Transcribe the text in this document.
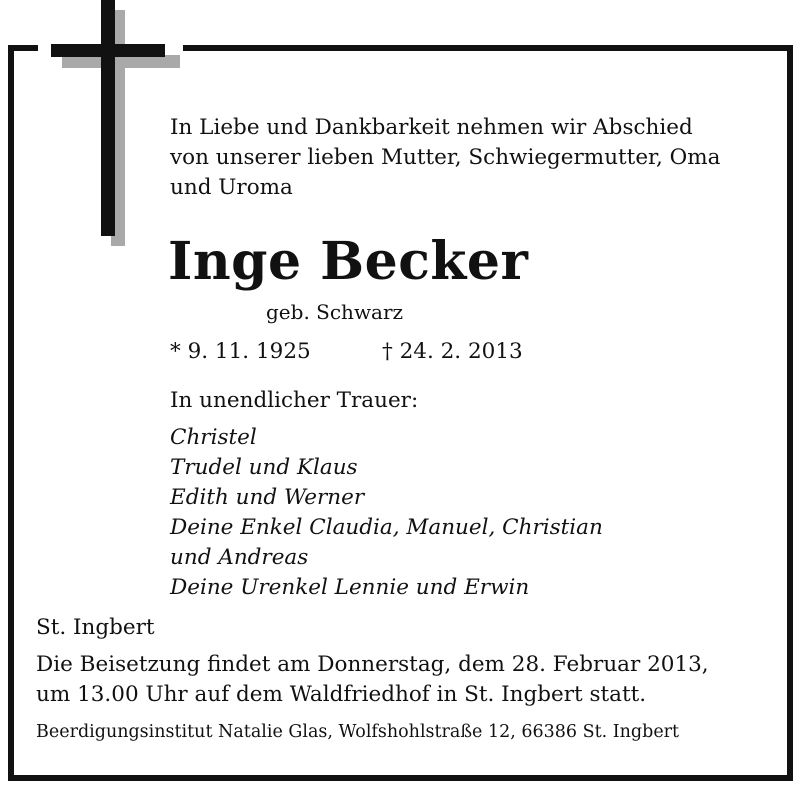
In Liebe und Dankbarkeit nehmen wir Abschied
von unserer lieben Mutter, Schwiegermutter, Oma
und Uroma
Inge Becker
geb. Schwarz
* 9. 11. 1925	† 24. 2. 2013
In unendlicher Trauer:
Christel
Trudel und Klaus
Edith und Werner
Deine Enkel Claudia, Manuel, Christian
und Andreas
Deine Urenkel Lennie und Erwin
St. Ingbert
Die Beisetzung findet am Donnerstag, dem 28. Februar 2013,
um 13.00 Uhr auf dem Waldfriedhof in St. Ingbert statt.
Beerdigungsinstitut Natalie Glas, Wolfshohlstraße 12, 66386 St. Ingbert
